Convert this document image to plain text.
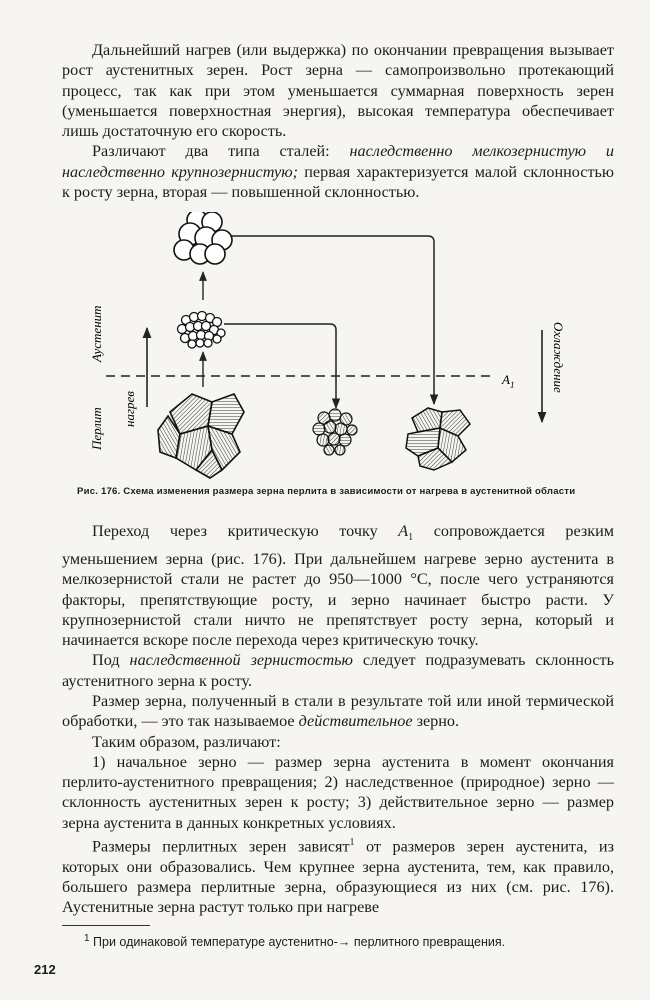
Дальнейший нагрев (или выдержка) по окончании превращения вызывает рост аустенитных зерен. Рост зерна — самопроизвольно протекающий процесс, так как при этом уменьшается суммарная поверхность зерен (уменьшается поверхностная энергия), высокая температура обеспечивает лишь достаточную его скорость.

Различают два типа сталей: наследственно мелкозернистую и наследственно крупнозернистую; первая характеризуется малой склонностью к росту зерна, вторая — повышенной склонностью.

$A_1$
Перлит
Аустенит
нагрев
Охлаждение

Рис. 176. Схема изменения размера зерна перлита в зависимости от нагрева в аустенитной области

Переход через критическую точку $A_1$ сопровождается резким уменьшением зерна (рис. 176). При дальнейшем нагреве зерно аустенита в мелкозернистой стали не растет до 950—1000 °С, после чего устраняются факторы, препятствующие росту, и зерно начинает быстро расти. У крупнозернистой стали ничто не препятствует росту зерна, который и начинается вскоре после перехода через критическую точку.

Под наследственной зернистостью следует подразумевать склонность аустенитного зерна к росту.

Размер зерна, полученный в стали в результате той или иной термической обработки, — это так называемое действительное зерно.

Таким образом, различают:

1) начальное зерно — размер зерна аустенита в момент окончания перлито-аустенитного превращения; 2) наследственное (природное) зерно — склонность аустенитных зерен к росту; 3) действительное зерно — размер зерна аустенита в данных конкретных условиях.

Размеры перлитных зерен зависят$^1$ от размеров зерен аустенита, из которых они образовались. Чем крупнее зерна аустенита, тем, как правило, большего размера перлитные зерна, образующиеся из них (см. рис. 176). Аустенитные зерна растут только при нагреве

$^1$ При одинаковой температуре аустенитно-→ перлитного превращения.
212
